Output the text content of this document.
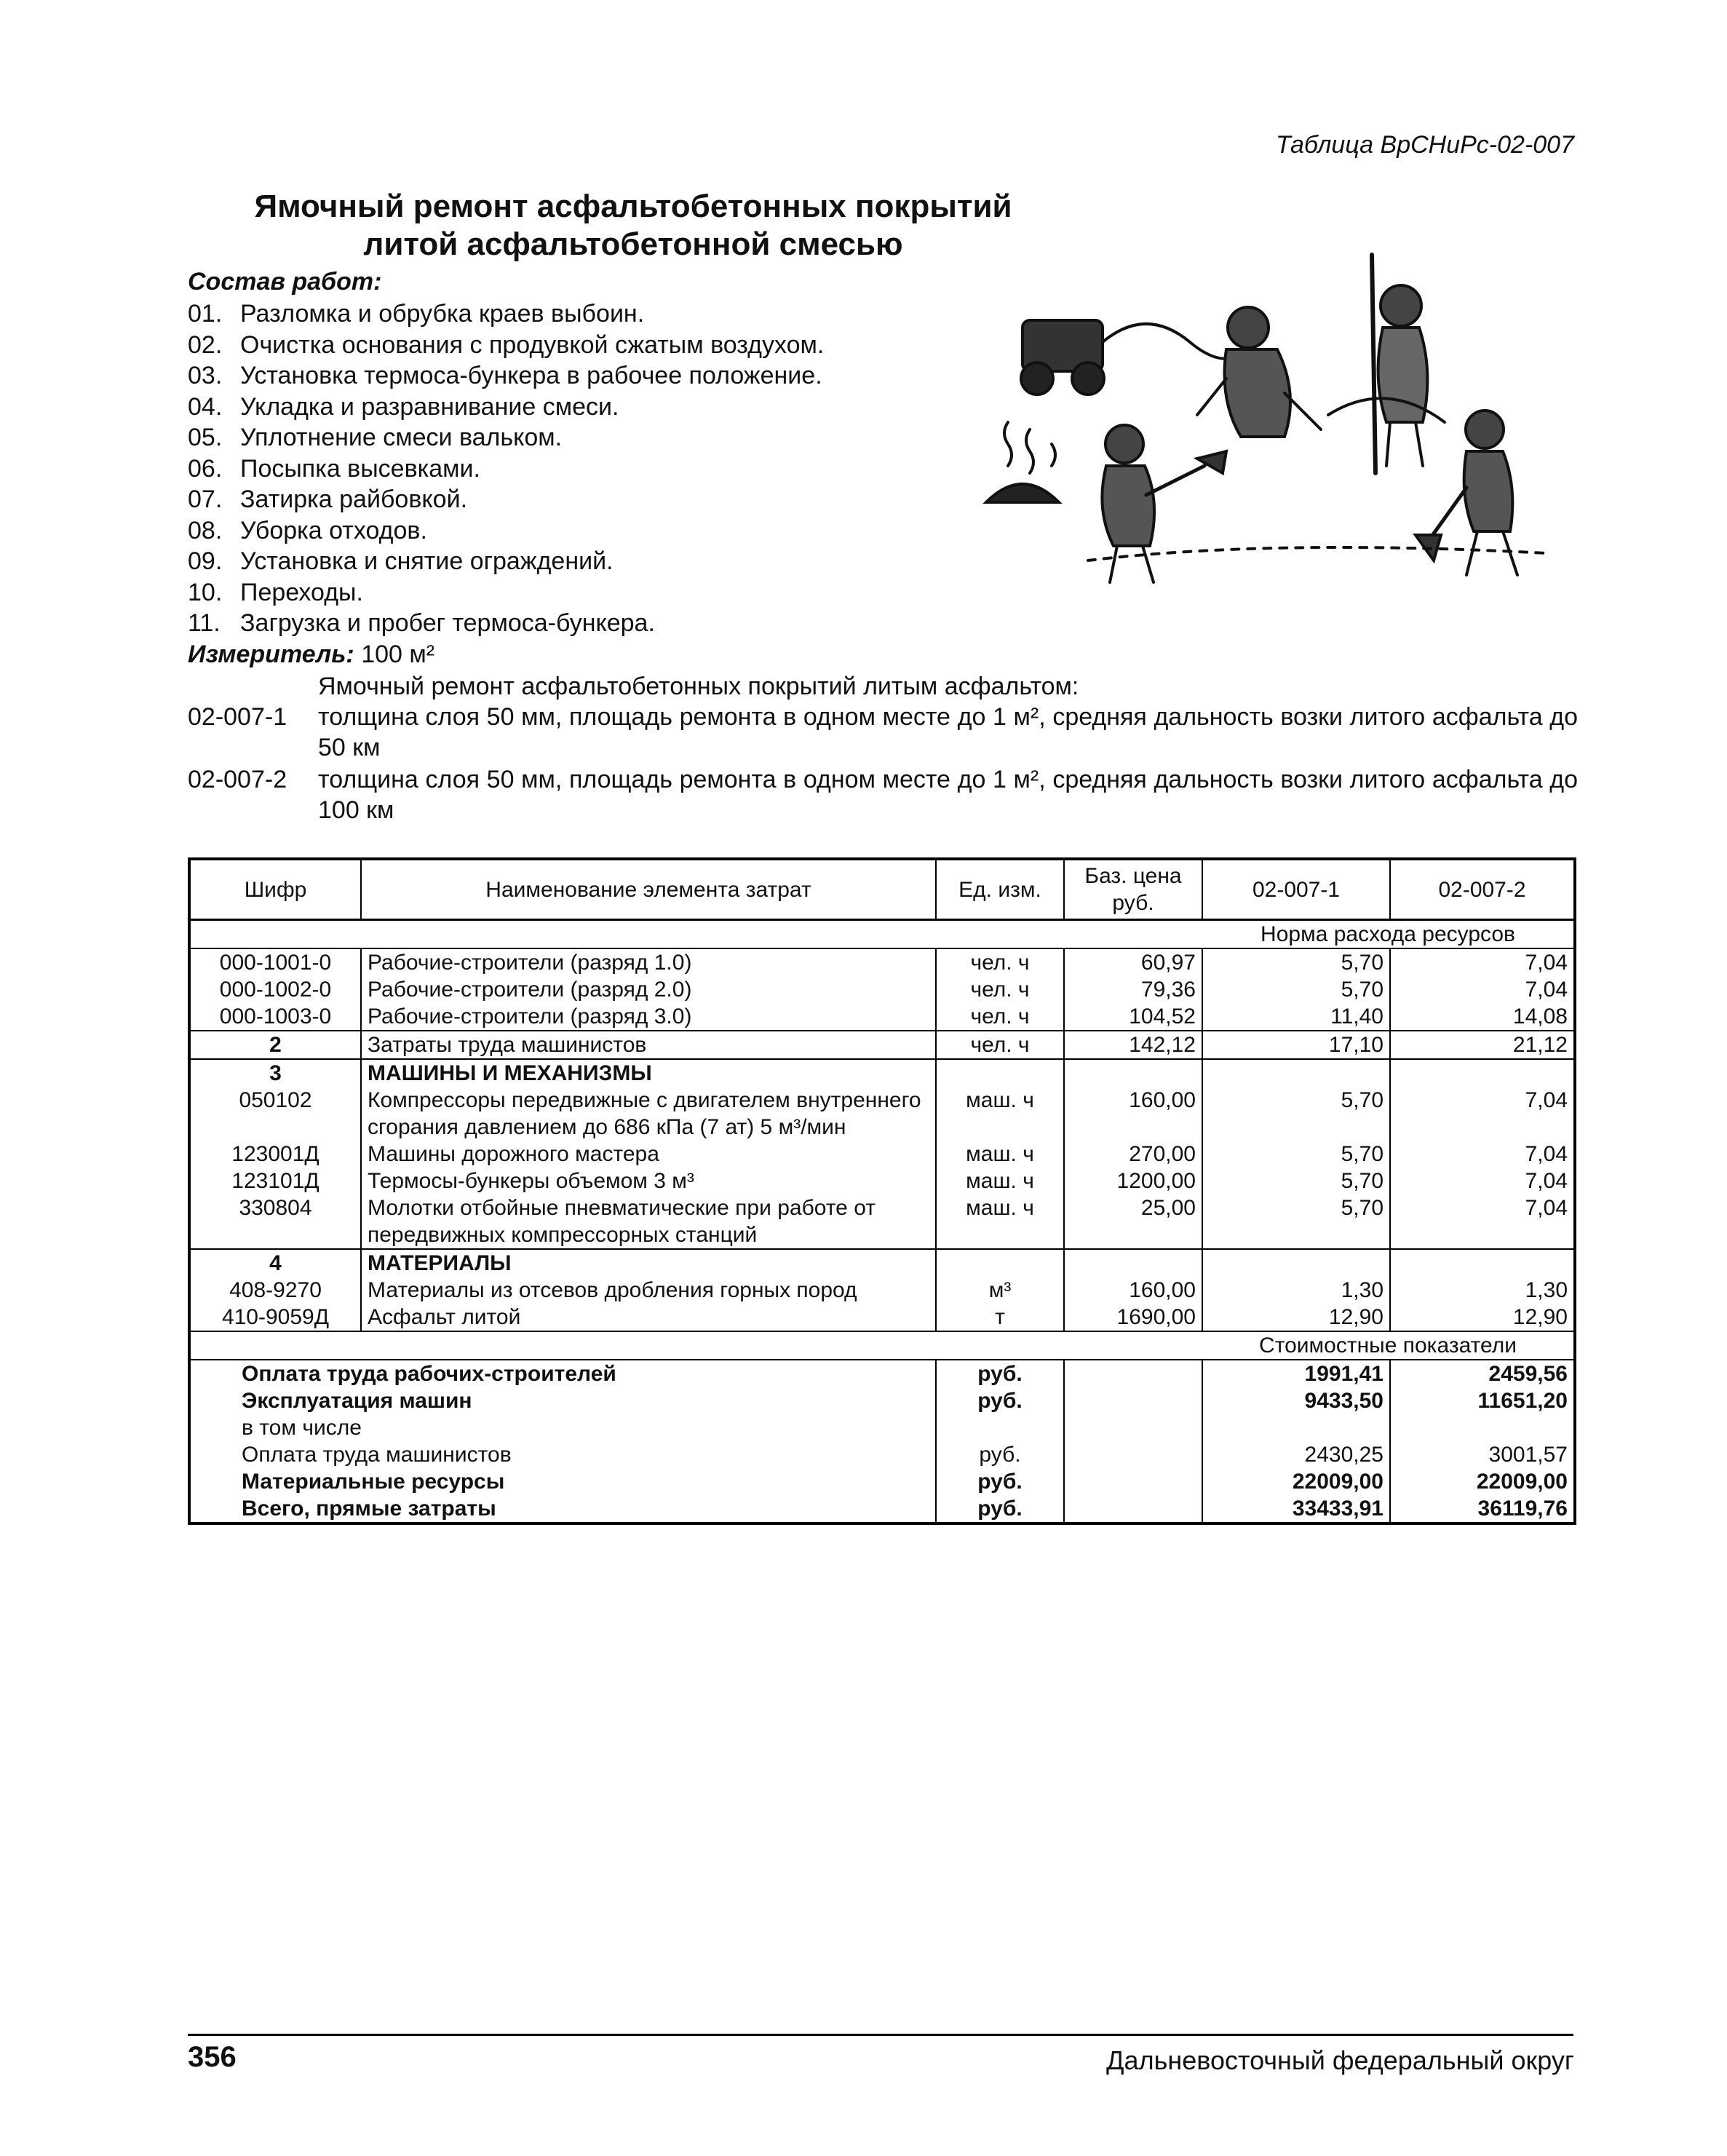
Таблица ВрСНиРс-02-007
Ямочный ремонт асфальтобетонных покрытий
литой асфальтобетонной смесью
Состав работ:
01. Разломка и обрубка краев выбоин.
02. Очистка основания с продувкой сжатым воздухом.
03. Установка термоса-бункера в рабочее положение.
04. Укладка и разравнивание смеси.
05. Уплотнение смеси вальком.
06. Посыпка высевками.
07. Затирка райбовкой.
08. Уборка отходов.
09. Установка и снятие ограждений.
10. Переходы.
11. Загрузка и пробег термоса-бункера.
Измеритель: 100 м²
Ямочный ремонт асфальтобетонных покрытий литым асфальтом:
02-007-1 толщина слоя 50 мм, площадь ремонта в одном месте до 1 м², средняя дальность возки литого асфальта до 50 км
02-007-2 толщина слоя 50 мм, площадь ремонта в одном месте до 1 м², средняя дальность возки литого асфальта до 100 км
Шифр	Наименование элемента затрат	Ед. изм.	Баз. цена руб.	02-007-1	02-007-2
				Норма расхода ресурсов	
000-1001-0	Рабочие-строители (разряд 1.0)	чел. ч	60,97	5,70	7,04
000-1002-0	Рабочие-строители (разряд 2.0)	чел. ч	79,36	5,70	7,04
000-1003-0	Рабочие-строители (разряд 3.0)	чел. ч	104,52	11,40	14,08
2	Затраты труда машинистов	чел. ч	142,12	17,10	21,12
3	МАШИНЫ И МЕХАНИЗМЫ				
050102	Компрессоры передвижные с двигателем внутреннего сгорания давлением до 686 кПа (7 ат) 5 м³/мин	маш. ч	160,00	5,70	7,04
123001Д	Машины дорожного мастера	маш. ч	270,00	5,70	7,04
123101Д	Термосы-бункеры объемом 3 м³	маш. ч	1200,00	5,70	7,04
330804	Молотки отбойные пневматические при работе от передвижных компрессорных станций	маш. ч	25,00	5,70	7,04
4	МАТЕРИАЛЫ				
408-9270	Материалы из отсевов дробления горных пород	м³	160,00	1,30	1,30
410-9059Д	Асфальт литой	т	1690,00	12,90	12,90
				Стоимостные показатели	
Оплата труда рабочих-строителей		руб.		1991,41	2459,56
Эксплуатация машин		руб.		9433,50	11651,20
в том числе					
Оплата труда машинистов		руб.		2430,25	3001,57
Материальные ресурсы		руб.		22009,00	22009,00
Всего, прямые затраты		руб.		33433,91	36119,76
356	Дальневосточный федеральный округ
